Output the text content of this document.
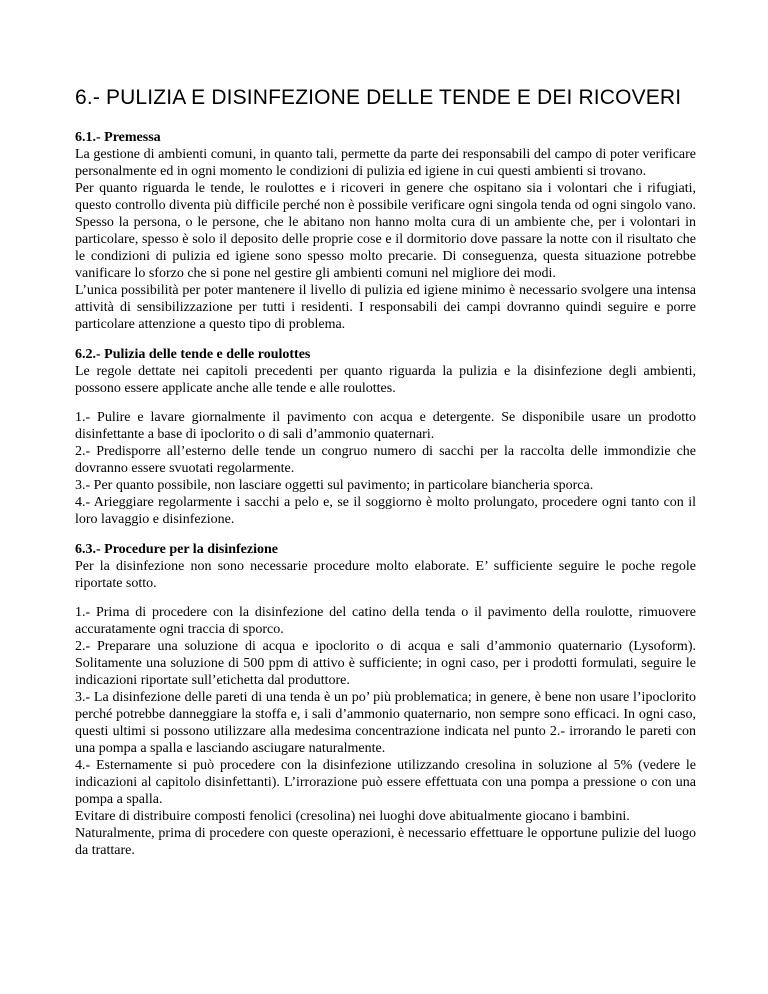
6.- PULIZIA E DISINFEZIONE DELLE TENDE E DEI RICOVERI
6.1.- Premessa

La gestione di ambienti comuni, in quanto tali, permette da parte dei responsabili del campo di poter verificare personalmente ed in ogni momento le condizioni di pulizia ed igiene in cui questi ambienti si trovano.

Per quanto riguarda le tende, le roulottes e i ricoveri in genere che ospitano sia i volontari che i rifugiati, questo controllo diventa più difficile perché non è possibile verificare ogni singola tenda od ogni singolo vano. Spesso la persona, o le persone, che le abitano non hanno molta cura di un ambiente che, per i volontari in particolare, spesso è solo il deposito delle proprie cose e il dormitorio dove passare la notte con il risultato che le condizioni di pulizia ed igiene sono spesso molto precarie. Di conseguenza, questa situazione potrebbe vanificare lo sforzo che si pone nel gestire gli ambienti comuni nel migliore dei modi.

L’unica possibilità per poter mantenere il livello di pulizia ed igiene minimo è necessario svolgere una intensa attività di sensibilizzazione per tutti i residenti. I responsabili dei campi dovranno quindi seguire e porre particolare attenzione a questo tipo di problema.

6.2.- Pulizia delle tende e delle roulottes

Le regole dettate nei capitoli precedenti per quanto riguarda la pulizia e la disinfezione degli ambienti, possono essere applicate anche alle tende e alle roulottes.

1.- Pulire e lavare giornalmente il pavimento con acqua e detergente. Se disponibile usare un prodotto disinfettante a base di ipoclorito o di sali d’ammonio quaternari.

2.- Predisporre all’esterno delle tende un congruo numero di sacchi per la raccolta delle immondizie che dovranno essere svuotati regolarmente.

3.- Per quanto possibile, non lasciare oggetti sul pavimento; in particolare biancheria sporca.

4.- Arieggiare regolarmente i sacchi a pelo e, se il soggiorno è molto prolungato, procedere ogni tanto con il loro lavaggio e disinfezione.

6.3.- Procedure per la disinfezione

Per la disinfezione non sono necessarie procedure molto elaborate. E’ sufficiente seguire le poche regole riportate sotto.

1.- Prima di procedere con la disinfezione del catino della tenda o il pavimento della roulotte, rimuovere accuratamente ogni traccia di sporco.

2.- Preparare una soluzione di acqua e ipoclorito o di acqua e sali d’ammonio quaternario (Lysoform). Solitamente una soluzione di 500 ppm di attivo è sufficiente; in ogni caso, per i prodotti formulati, seguire le indicazioni riportate sull’etichetta dal produttore.

3.- La disinfezione delle pareti di una tenda è un po’ più problematica; in genere, è bene non usare l’ipoclorito perché potrebbe danneggiare la stoffa e, i sali d’ammonio quaternario, non sempre sono efficaci. In ogni caso, questi ultimi si possono utilizzare alla medesima concentrazione indicata nel punto 2.- irrorando le pareti con una pompa a spalla e lasciando asciugare naturalmente.

4.- Esternamente si può procedere con la disinfezione utilizzando cresolina in soluzione al 5% (vedere le indicazioni al capitolo disinfettanti). L’irrorazione può essere effettuata con una pompa a pressione o con una pompa a spalla.

Evitare di distribuire composti fenolici (cresolina) nei luoghi dove abitualmente giocano i bambini.

Naturalmente, prima di procedere con queste operazioni, è necessario effettuare le opportune pulizie del luogo da trattare.
